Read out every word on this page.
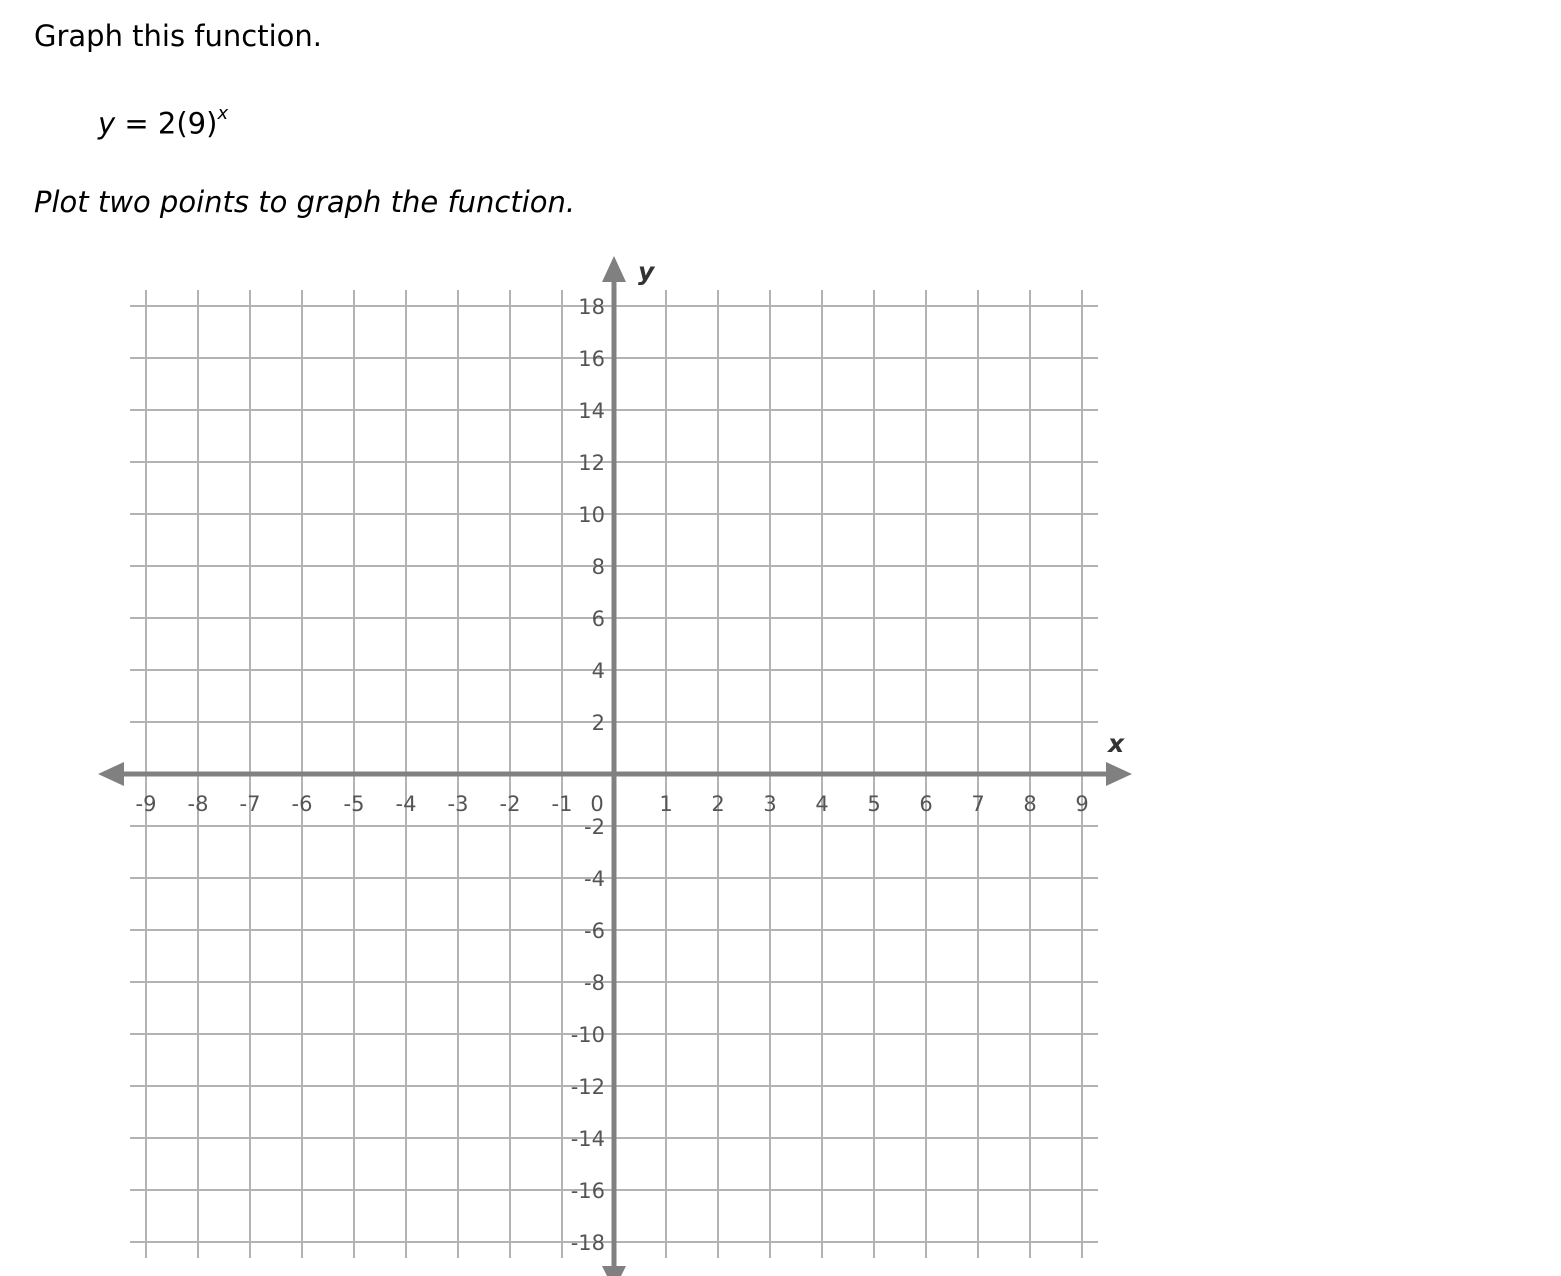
Graph this function.
$y = 2(9)^x$

Plot two points to graph the function.

x
y
-9 -8 -7 -6 -5 -4 -3 -2 -1 0	1 2 3 4 5 6 7 8 9
18
16
14
12
10
8
6
4
2
-2
-4
-6
-8
-10
-12
-14
-16
-18
